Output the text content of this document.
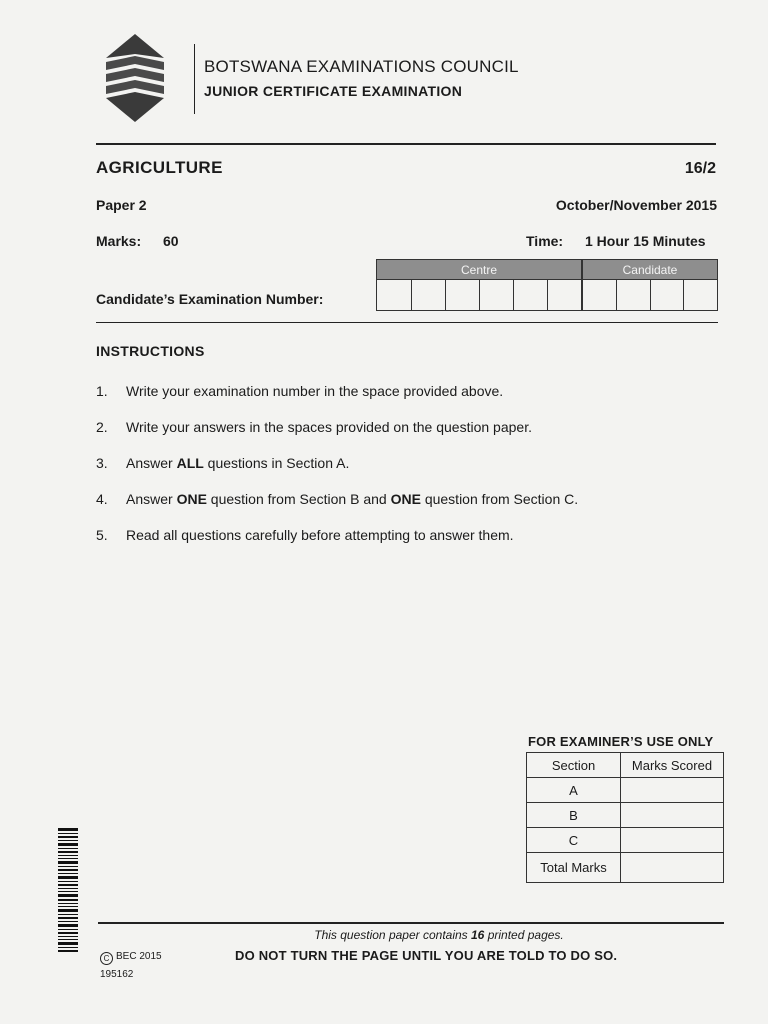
BOTSWANA EXAMINATIONS COUNCIL
JUNIOR CERTIFICATE EXAMINATION
AGRICULTURE	16/2
Paper 2	October/November 2015
Marks: 60	Time: 1 Hour 15 Minutes
Candidate’s Examination Number:
Centre	Candidate
INSTRUCTIONS
1. Write your examination number in the space provided above.
2. Write your answers in the spaces provided on the question paper.
3. Answer ALL questions in Section A.
4. Answer ONE question from Section B and ONE question from Section C.
5. Read all questions carefully before attempting to answer them.
FOR EXAMINER’S USE ONLY
Section	Marks Scored
A	
B	
C	
Total Marks	
This question paper contains 16 printed pages.
DO NOT TURN THE PAGE UNTIL YOU ARE TOLD TO DO SO.
C BEC 2015
195162
